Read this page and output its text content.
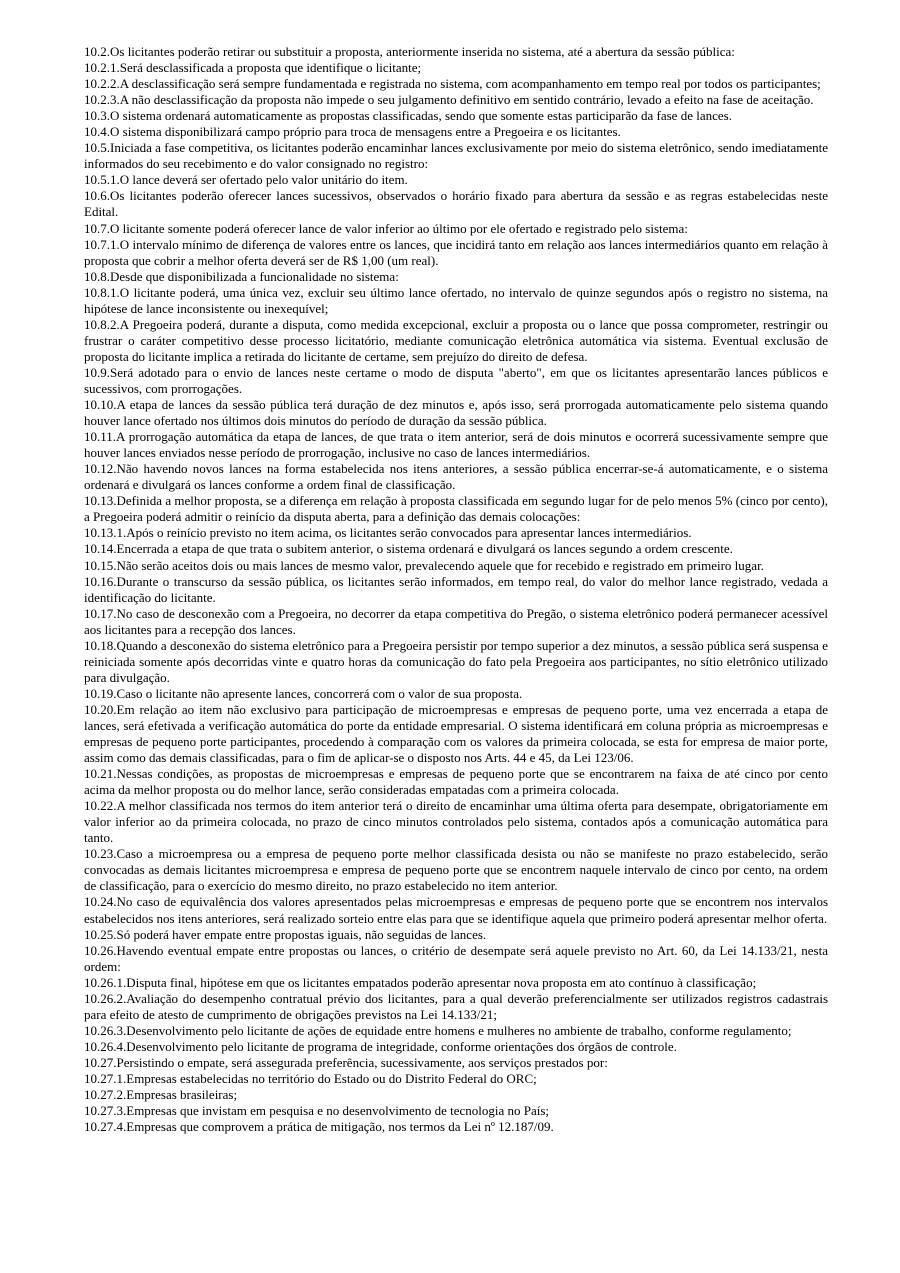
10.2.Os licitantes poderão retirar ou substituir a proposta, anteriormente inserida no sistema, até a abertura da sessão pública:

10.2.1.Será desclassificada a proposta que identifique o licitante;

10.2.2.A desclassificação será sempre fundamentada e registrada no sistema, com acompanhamento em tempo real por todos os participantes;

10.2.3.A não desclassificação da proposta não impede o seu julgamento definitivo em sentido contrário, levado a efeito na fase de aceitação.

10.3.O sistema ordenará automaticamente as propostas classificadas, sendo que somente estas participarão da fase de lances.

10.4.O sistema disponibilizará campo próprio para troca de mensagens entre a Pregoeira e os licitantes.

10.5.Iniciada a fase competitiva, os licitantes poderão encaminhar lances exclusivamente por meio do sistema eletrônico, sendo imediatamente informados do seu recebimento e do valor consignado no registro:

10.5.1.O lance deverá ser ofertado pelo valor unitário do item.

10.6.Os licitantes poderão oferecer lances sucessivos, observados o horário fixado para abertura da sessão e as regras estabelecidas neste Edital.

10.7.O licitante somente poderá oferecer lance de valor inferior ao último por ele ofertado e registrado pelo sistema:

10.7.1.O intervalo mínimo de diferença de valores entre os lances, que incidirá tanto em relação aos lances intermediários quanto em relação à proposta que cobrir a melhor oferta deverá ser de R$ 1,00 (um real).

10.8.Desde que disponibilizada a funcionalidade no sistema:

10.8.1.O licitante poderá, uma única vez, excluir seu último lance ofertado, no intervalo de quinze segundos após o registro no sistema, na hipótese de lance inconsistente ou inexequível;

10.8.2.A Pregoeira poderá, durante a disputa, como medida excepcional, excluir a proposta ou o lance que possa comprometer, restringir ou frustrar o caráter competitivo desse processo licitatório, mediante comunicação eletrônica automática via sistema. Eventual exclusão de proposta do licitante implica a retirada do licitante de certame, sem prejuízo do direito de defesa.

10.9.Será adotado para o envio de lances neste certame o modo de disputa "aberto", em que os licitantes apresentarão lances públicos e sucessivos, com prorrogações.

10.10.A etapa de lances da sessão pública terá duração de dez minutos e, após isso, será prorrogada automaticamente pelo sistema quando houver lance ofertado nos últimos dois minutos do período de duração da sessão pública.

10.11.A prorrogação automática da etapa de lances, de que trata o item anterior, será de dois minutos e ocorrerá sucessivamente sempre que houver lances enviados nesse período de prorrogação, inclusive no caso de lances intermediários.

10.12.Não havendo novos lances na forma estabelecida nos itens anteriores, a sessão pública encerrar-se-á automaticamente, e o sistema ordenará e divulgará os lances conforme a ordem final de classificação.

10.13.Definida a melhor proposta, se a diferença em relação à proposta classificada em segundo lugar for de pelo menos 5% (cinco por cento), a Pregoeira poderá admitir o reinício da disputa aberta, para a definição das demais colocações:

10.13.1.Após o reinício previsto no item acima, os licitantes serão convocados para apresentar lances intermediários.

10.14.Encerrada a etapa de que trata o subitem anterior, o sistema ordenará e divulgará os lances segundo a ordem crescente.

10.15.Não serão aceitos dois ou mais lances de mesmo valor, prevalecendo aquele que for recebido e registrado em primeiro lugar.

10.16.Durante o transcurso da sessão pública, os licitantes serão informados, em tempo real, do valor do melhor lance registrado, vedada a identificação do licitante.

10.17.No caso de desconexão com a Pregoeira, no decorrer da etapa competitiva do Pregão, o sistema eletrônico poderá permanecer acessível aos licitantes para a recepção dos lances.

10.18.Quando a desconexão do sistema eletrônico para a Pregoeira persistir por tempo superior a dez minutos, a sessão pública será suspensa e reiniciada somente após decorridas vinte e quatro horas da comunicação do fato pela Pregoeira aos participantes, no sítio eletrônico utilizado para divulgação.

10.19.Caso o licitante não apresente lances, concorrerá com o valor de sua proposta.

10.20.Em relação ao item não exclusivo para participação de microempresas e empresas de pequeno porte, uma vez encerrada a etapa de lances, será efetivada a verificação automática do porte da entidade empresarial. O sistema identificará em coluna própria as microempresas e empresas de pequeno porte participantes, procedendo à comparação com os valores da primeira colocada, se esta for empresa de maior porte, assim como das demais classificadas, para o fim de aplicar-se o disposto nos Arts. 44 e 45, da Lei 123/06.

10.21.Nessas condições, as propostas de microempresas e empresas de pequeno porte que se encontrarem na faixa de até cinco por cento acima da melhor proposta ou do melhor lance, serão consideradas empatadas com a primeira colocada.

10.22.A melhor classificada nos termos do item anterior terá o direito de encaminhar uma última oferta para desempate, obrigatoriamente em valor inferior ao da primeira colocada, no prazo de cinco minutos controlados pelo sistema, contados após a comunicação automática para tanto.

10.23.Caso a microempresa ou a empresa de pequeno porte melhor classificada desista ou não se manifeste no prazo estabelecido, serão convocadas as demais licitantes microempresa e empresa de pequeno porte que se encontrem naquele intervalo de cinco por cento, na ordem de classificação, para o exercício do mesmo direito, no prazo estabelecido no item anterior.

10.24.No caso de equivalência dos valores apresentados pelas microempresas e empresas de pequeno porte que se encontrem nos intervalos estabelecidos nos itens anteriores, será realizado sorteio entre elas para que se identifique aquela que primeiro poderá apresentar melhor oferta.

10.25.Só poderá haver empate entre propostas iguais, não seguidas de lances.

10.26.Havendo eventual empate entre propostas ou lances, o critério de desempate será aquele previsto no Art. 60, da Lei 14.133/21, nesta ordem:

10.26.1.Disputa final, hipótese em que os licitantes empatados poderão apresentar nova proposta em ato contínuo à classificação;

10.26.2.Avaliação do desempenho contratual prévio dos licitantes, para a qual deverão preferencialmente ser utilizados registros cadastrais para efeito de atesto de cumprimento de obrigações previstos na Lei 14.133/21;

10.26.3.Desenvolvimento pelo licitante de ações de equidade entre homens e mulheres no ambiente de trabalho, conforme regulamento;

10.26.4.Desenvolvimento pelo licitante de programa de integridade, conforme orientações dos órgãos de controle.

10.27.Persistindo o empate, será assegurada preferência, sucessivamente, aos serviços prestados por:

10.27.1.Empresas estabelecidas no território do Estado ou do Distrito Federal do ORC;

10.27.2.Empresas brasileiras;

10.27.3.Empresas que invistam em pesquisa e no desenvolvimento de tecnologia no País;

10.27.4.Empresas que comprovem a prática de mitigação, nos termos da Lei nº 12.187/09.
